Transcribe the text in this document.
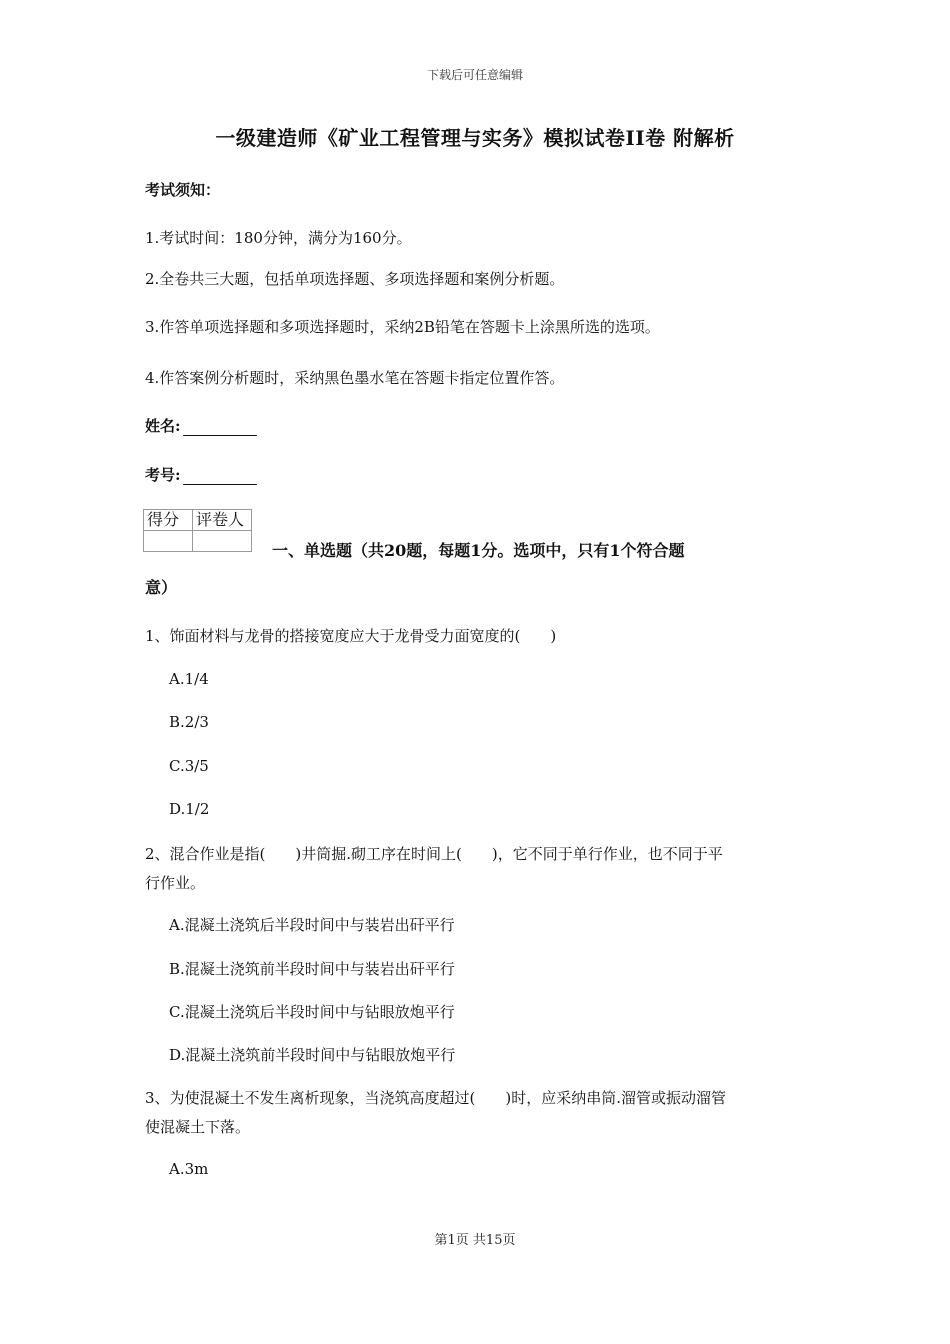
下载后可任意编辑
一级建造师《矿业工程管理与实务》模拟试卷II卷 附解析
考试须知：
1.考试时间：180分钟，满分为160分。
2.全卷共三大题，包括单项选择题、多项选择题和案例分析题。
3.作答单项选择题和多项选择题时，采纳2B铅笔在答题卡上涂黑所选的选项。
4.作答案例分析题时，采纳黑色墨水笔在答题卡指定位置作答。
姓名:
考号:
得分	评卷人

一、单选题（共20题，每题1分。选项中，只有1个符合题
意）
1、饰面材料与龙骨的搭接宽度应大于龙骨受力面宽度的(　　)
A.1/4
B.2/3
C.3/5
D.1/2
2、混合作业是指(　　)井筒掘.砌工序在时间上(　　)，它不同于单行作业，也不同于平
行作业。
A.混凝土浇筑后半段时间中与装岩出矸平行
B.混凝土浇筑前半段时间中与装岩出矸平行
C.混凝土浇筑后半段时间中与钻眼放炮平行
D.混凝土浇筑前半段时间中与钻眼放炮平行
3、为使混凝土不发生离析现象，当浇筑高度超过(　　)时，应采纳串筒.溜管或振动溜管
使混凝土下落。
A.3m
第1页 共15页
